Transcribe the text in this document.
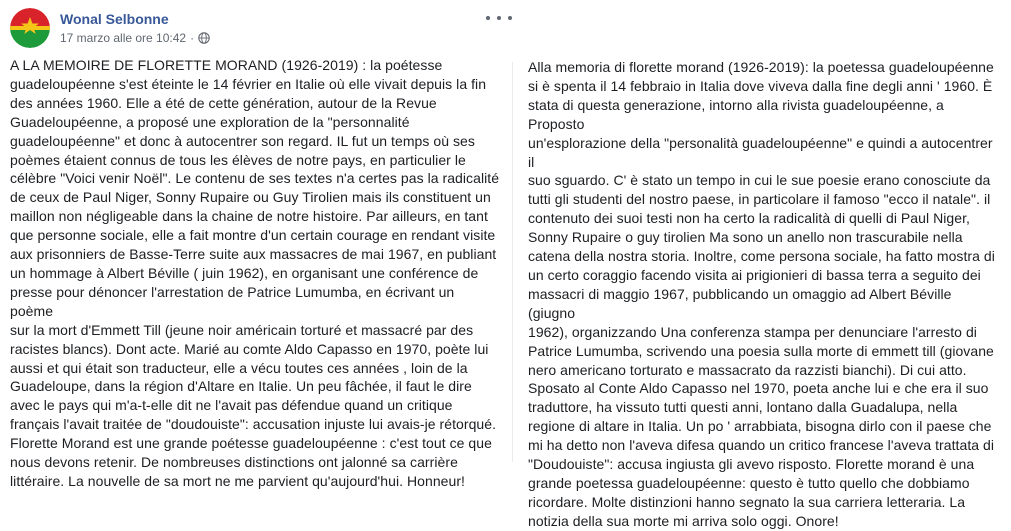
Wonal Selbonne
17 marzo alle ore 10:42 ·
A LA MEMOIRE DE FLORETTE MORAND (1926-2019) : la poétesse
guadeloupéenne s'est éteinte le 14 février en Italie où elle vivait depuis la fin
des années 1960. Elle a été de cette génération, autour de la Revue
Guadeloupéenne, a proposé une exploration de la "personnalité
guadeloupéenne" et donc à autocentrer son regard. IL fut un temps où ses
poèmes étaient connus de tous les élèves de notre pays, en particulier le
célèbre "Voici venir Noël". Le contenu de ses textes n'a certes pas la radicalité
de ceux de Paul Niger, Sonny Rupaire ou Guy Tirolien mais ils constituent un
maillon non négligeable dans la chaine de notre histoire. Par ailleurs, en tant
que personne sociale, elle a fait montre d'un certain courage en rendant visite
aux prisonniers de Basse-Terre suite aux massacres de mai 1967, en publiant
un hommage à Albert Béville ( juin 1962), en organisant une conférence de
presse pour dénoncer l'arrestation de Patrice Lumumba, en écrivant un poème
sur la mort d'Emmett Till (jeune noir américain torturé et massacré par des
racistes blancs). Dont acte. Marié au comte Aldo Capasso en 1970, poète lui
aussi et qui était son traducteur, elle a vécu toutes ces années , loin de la
Guadeloupe, dans la région d'Altare en Italie. Un peu fâchée, il faut le dire
avec le pays qui m'a-t-elle dit ne l'avait pas défendue quand un critique
français l'avait traitée de "doudouiste": accusation injuste lui avais-je rétorqué.
Florette Morand est une grande poétesse guadeloupéenne : c'est tout ce que
nous devons retenir. De nombreuses distinctions ont jalonné sa carrière
littéraire. La nouvelle de sa mort ne me parvient qu'aujourd'hui. Honneur!
Alla memoria di florette morand (1926-2019): la poetessa guadeloupéenne
si è spenta il 14 febbraio in Italia dove viveva dalla fine degli anni ' 1960. È
stata di questa generazione, intorno alla rivista guadeloupéenne, a Proposto
un'esplorazione della "personalità guadeloupéenne" e quindi a autocentrer il
suo sguardo. C' è stato un tempo in cui le sue poesie erano conosciute da
tutti gli studenti del nostro paese, in particolare il famoso "ecco il natale". il
contenuto dei suoi testi non ha certo la radicalità di quelli di Paul Niger,
Sonny Rupaire o guy tirolien Ma sono un anello non trascurabile nella
catena della nostra storia. Inoltre, come persona sociale, ha fatto mostra di
un certo coraggio facendo visita ai prigionieri di bassa terra a seguito dei
massacri di maggio 1967, pubblicando un omaggio ad Albert Béville (giugno
1962), organizzando Una conferenza stampa per denunciare l'arresto di
Patrice Lumumba, scrivendo una poesia sulla morte di emmett till (giovane
nero americano torturato e massacrato da razzisti bianchi). Di cui atto.
Sposato al Conte Aldo Capasso nel 1970, poeta anche lui e che era il suo
traduttore, ha vissuto tutti questi anni, lontano dalla Guadalupa, nella
regione di altare in Italia. Un po ' arrabbiata, bisogna dirlo con il paese che
mi ha detto non l'aveva difesa quando un critico francese l'aveva trattata di
"Doudouiste": accusa ingiusta gli avevo risposto. Florette morand è una
grande poetessa guadeloupéenne: questo è tutto quello che dobbiamo
ricordare. Molte distinzioni hanno segnato la sua carriera letteraria. La
notizia della sua morte mi arriva solo oggi. Onore!
